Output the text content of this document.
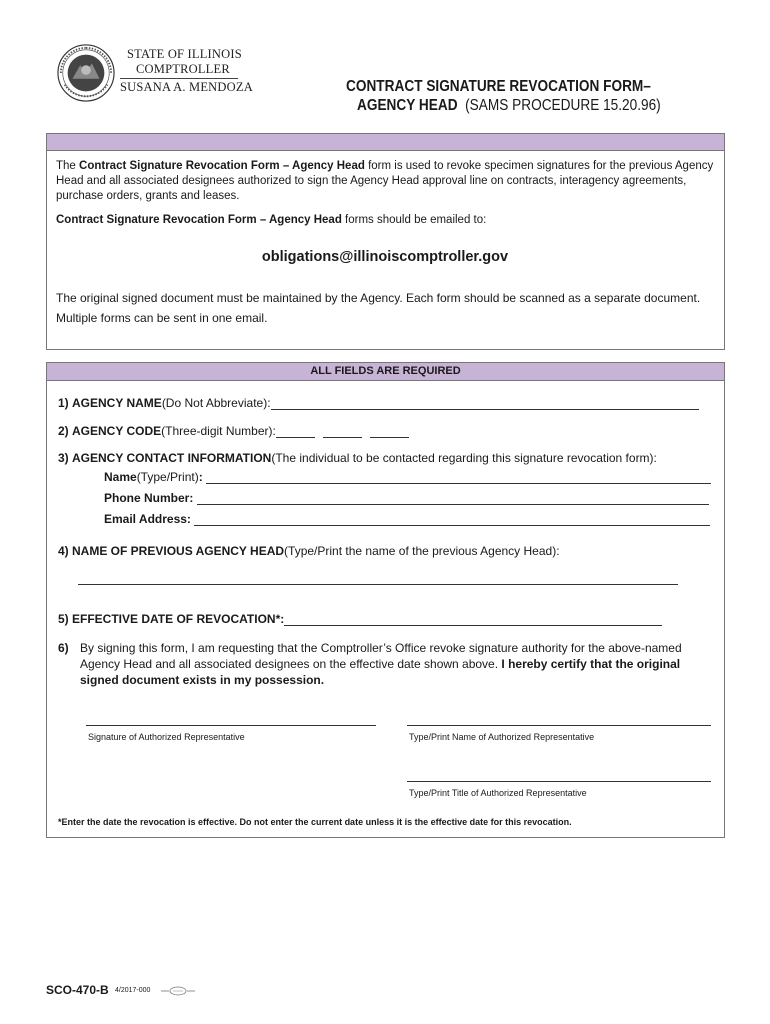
STATE OF ILLINOIS
COMPTROLLER
SUSANA A. MENDOZA	CONTRACT SIGNATURE REVOCATION FORM–
AGENCY HEAD (SAMS PROCEDURE 15.20.96)
The Contract Signature Revocation Form – Agency Head form is used to revoke specimen signatures for the previous Agency Head and all associated designees authorized to sign the Agency Head approval line on contracts, interagency agreements, purchase orders, grants and leases.
Contract Signature Revocation Form – Agency Head forms should be emailed to:
obligations@illinoiscomptroller.gov
The original signed document must be maintained by the Agency. Each form should be scanned as a separate document.
Multiple forms can be sent in one email.
ALL FIELDS ARE REQUIRED
1)
AGENCY NAME (Do Not Abbreviate):
2)
AGENCY CODE (Three-digit Number):
3)
AGENCY CONTACT INFORMATION (The individual to be contacted regarding this signature revocation form):
Name (Type/Print) :

Phone Number:

Email Address:

4)
NAME OF PREVIOUS AGENCY HEAD (Type/Print the name of the previous Agency Head):
5)
EFFECTIVE DATE OF REVOCATION*:
6) By signing this form, I am requesting that the Comptroller’s Office revoke signature authority for the above-named Agency Head and all associated designees on the effective date shown above. I hereby certify that the original signed document exists in my possession.
Signature of Authorized Representative	Type/Print Name of Authorized Representative
Type/Print Title of Authorized Representative
*Enter the date the revocation is effective. Do not enter the current date unless it is the effective date for this revocation.
SCO-470-B 4/2017-000
